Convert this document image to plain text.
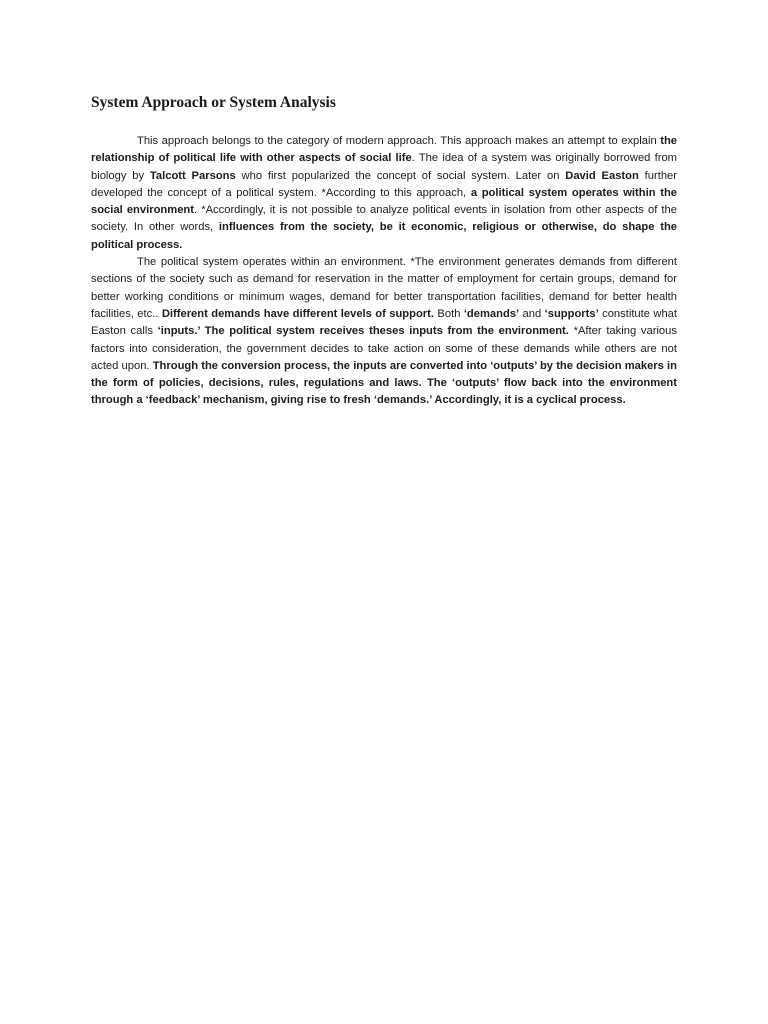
System Approach or System Analysis

This approach belongs to the category of modern approach. This approach makes an attempt to explain the relationship of political life with other aspects of social life. The idea of a system was originally borrowed from biology by Talcott Parsons who first popularized the concept of social system. Later on David Easton further developed the concept of a political system. *According to this approach, a political system operates within the social environment. *Accordingly, it is not possible to analyze political events in isolation from other aspects of the society. In other words, influences from the society, be it economic, religious or otherwise, do shape the political process.

The political system operates within an environment. *The environment generates demands from different sections of the society such as demand for reservation in the matter of employment for certain groups, demand for better working conditions or minimum wages, demand for better transportation facilities, demand for better health facilities, etc.. Different demands have different levels of support. Both ‘demands’ and ‘supports’ constitute what Easton calls ‘inputs.’ The political system receives theses inputs from the environment. *After taking various factors into consideration, the government decides to take action on some of these demands while others are not acted upon. Through the conversion process, the inputs are converted into ‘outputs’ by the decision makers in the form of policies, decisions, rules, regulations and laws. The ‘outputs’ flow back into the environment through a ‘feedback’ mechanism, giving rise to fresh ‘demands.’ Accordingly, it is a cyclical process.
